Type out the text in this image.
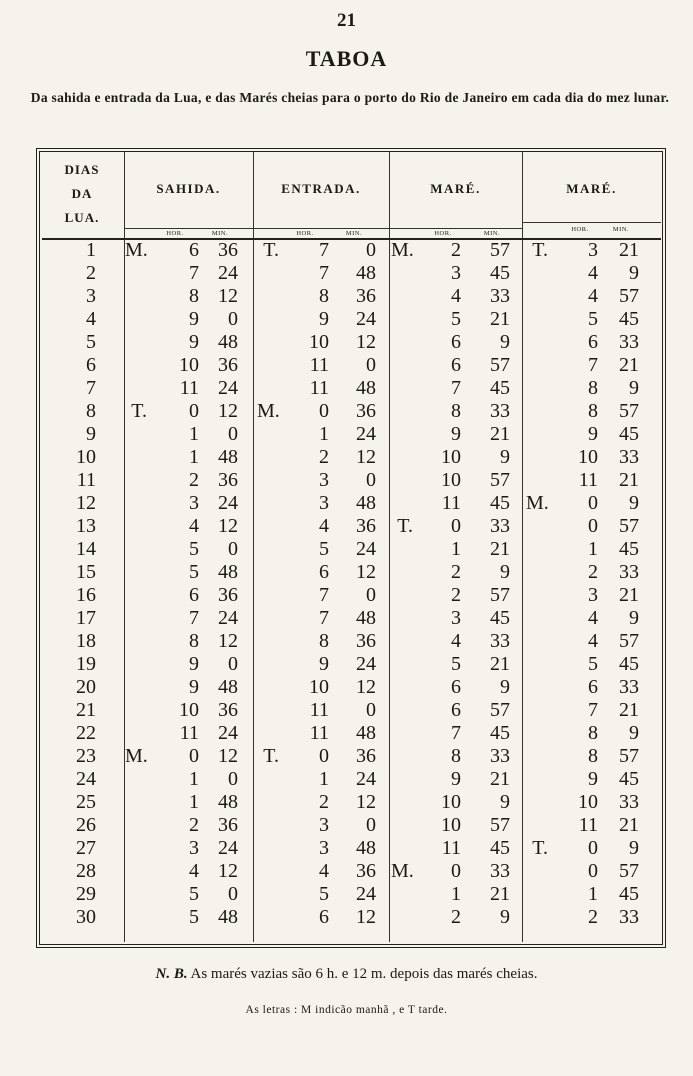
21
TABOA
Da sahida e entrada da Lua, e das Marés cheias para o porto do Rio de Janeiro em cada dia do mez lunar.
DIAS
DA
LUA.
SAHIDA.	ENTRADA.	MARÉ.	MARÉ.
HOR.	MIN.	HOR.	MIN.	HOR.	MIN.
HOR.	MIN.
1 M.	6 36	T.	7	0 M.	2	57	T.	3	21
2	7 24	7	48	3	45	4	9
3	8 12	8	36	4	33	4	57
4	9	0	9	24	5	21	5	45
5	9 48	10	12	6	9	6	33
6	10 36	11	0	6	57	7	21
7	11 24	11	48	7	45	8	9
8	T.	0 12 M.	0	36	8	33	8	57
9	1	0	1	24	9	21	9	45
10	1 48	2	12	10	9	10	33
11	2 36	3	0	10	57	11	21
12	3 24	3	48	11	45 M.	0	9
13	4 12	4	36	T.	0	33	0	57
14	5	0	5	24	1	21	1	45
15	5 48	6	12	2	9	2	33
16	6 36	7	0	2	57	3	21
17	7 24	7	48	3	45	4	9
18	8 12	8	36	4	33	4	57
19	9	0	9	24	5	21	5	45
20	9 48	10	12	6	9	6	33
21	10 36	11	0	6	57	7	21
22	11 24	11	48	7	45	8	9
23 M.	0 12	T.	0	36	8	33	8	57
24	1	0	1	24	9	21	9	45
25	1 48	2	12	10	9	10	33
26	2 36	3	0	10	57	11	21
27	3 24	3	48	11	45	T.	0	9
28	4 12	4	36 M.	0	33	0	57
29	5	0	5	24	1	21	1	45
30	5 48	6	12	2	9	2	33
N. B. As marés vazias são 6 h. e 12 m. depois das marés cheias.
As letras : M indicão manhã , e T tarde.
